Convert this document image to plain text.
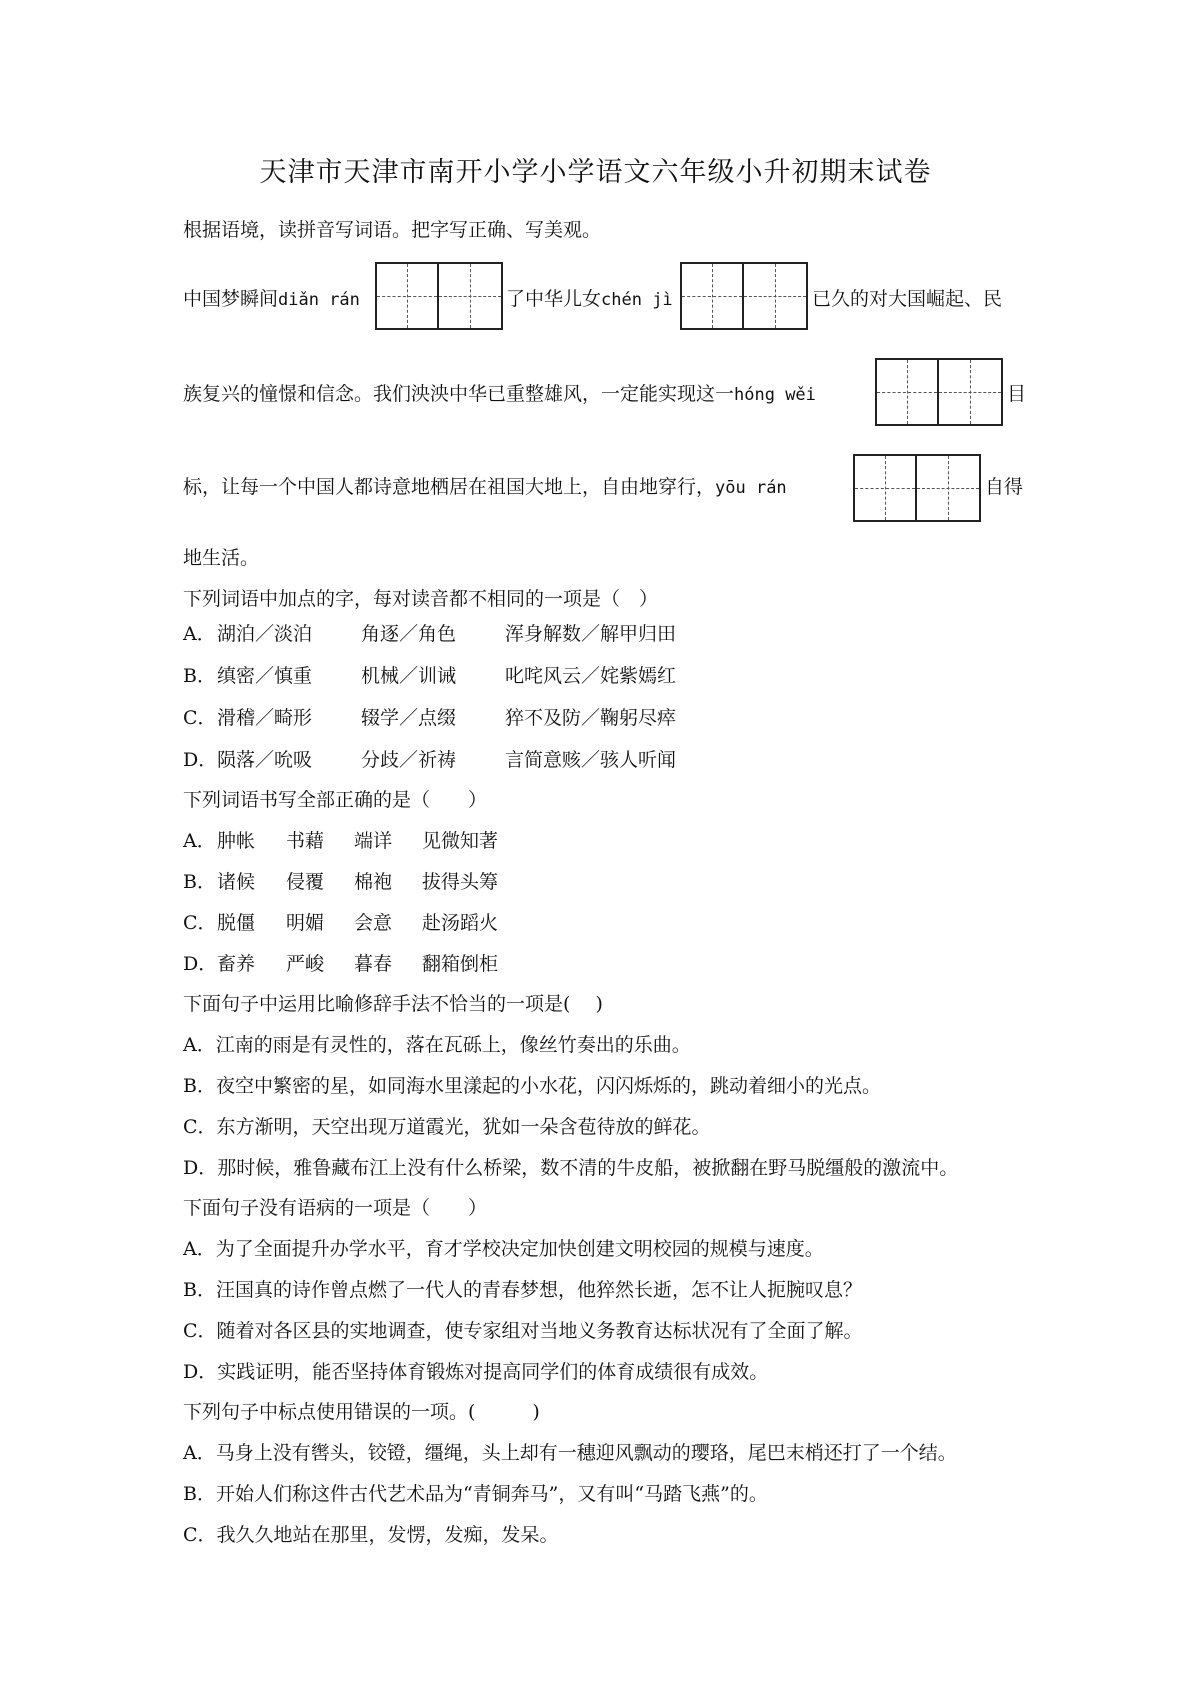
天津市天津市南开小学小学语文六年级小升初期末试卷
根据语境，读拼音写词语。把字写正确、写美观。
中国梦瞬间diǎn rán	了中华儿女chén jì	已久的对大国崛起、民
族复兴的憧憬和信念。我们泱泱中华已重整雄风，一定能实现这一hóng wěi	目
标，让每一个中国人都诗意地栖居在祖国大地上，自由地穿行，yōu rán	自得
地生活。
下列词语中加点的字，每对读音都不相同的一项是（　）
A． 湖泊／淡泊	角逐／角色	浑身解数／解甲归田
B． 缜密／慎重	机械／训诫	叱咤风云／姹紫嫣红
C． 滑稽／畸形	辍学／点缀	猝不及防／鞠躬尽瘁
D． 陨落／吮吸	分歧／祈祷	言简意赅／骇人听闻
下列词语书写全部正确的是（　　）
A． 肿帐 书藉 端详 见微知著
B． 诸候 侵覆 棉袍 拔得头筹
C． 脱僵 明媚 会意 赴汤蹈火
D． 畜养 严峻 暮春 翻箱倒柜
下面句子中运用比喻修辞手法不恰当的一项是(　 )
A．江南的雨是有灵性的，落在瓦砾上，像丝竹奏出的乐曲。
B．夜空中繁密的星，如同海水里漾起的小水花，闪闪烁烁的，跳动着细小的光点。
C．东方渐明，天空出现万道霞光，犹如一朵含苞待放的鲜花。
D．那时候，雅鲁藏布江上没有什么桥梁，数不清的牛皮船，被掀翻在野马脱缰般的激流中。
下面句子没有语病的一项是（　　）
A．为了全面提升办学水平，育才学校决定加快创建文明校园的规模与速度。
B．汪国真的诗作曾点燃了一代人的青春梦想，他猝然长逝，怎不让人扼腕叹息？
C．随着对各区县的实地调查，使专家组对当地义务教育达标状况有了全面了解。
D．实践证明，能否坚持体育锻炼对提高同学们的体育成绩很有成效。
下列句子中标点使用错误的一项。(　　　)
A．马身上没有辔头，铰镫，缰绳，头上却有一穗迎风飘动的璎珞，尾巴末梢还打了一个结。
B．开始人们称这件古代艺术品为“青铜奔马”，又有叫“马踏飞燕”的。
C．我久久地站在那里，发愣，发痴，发呆。
